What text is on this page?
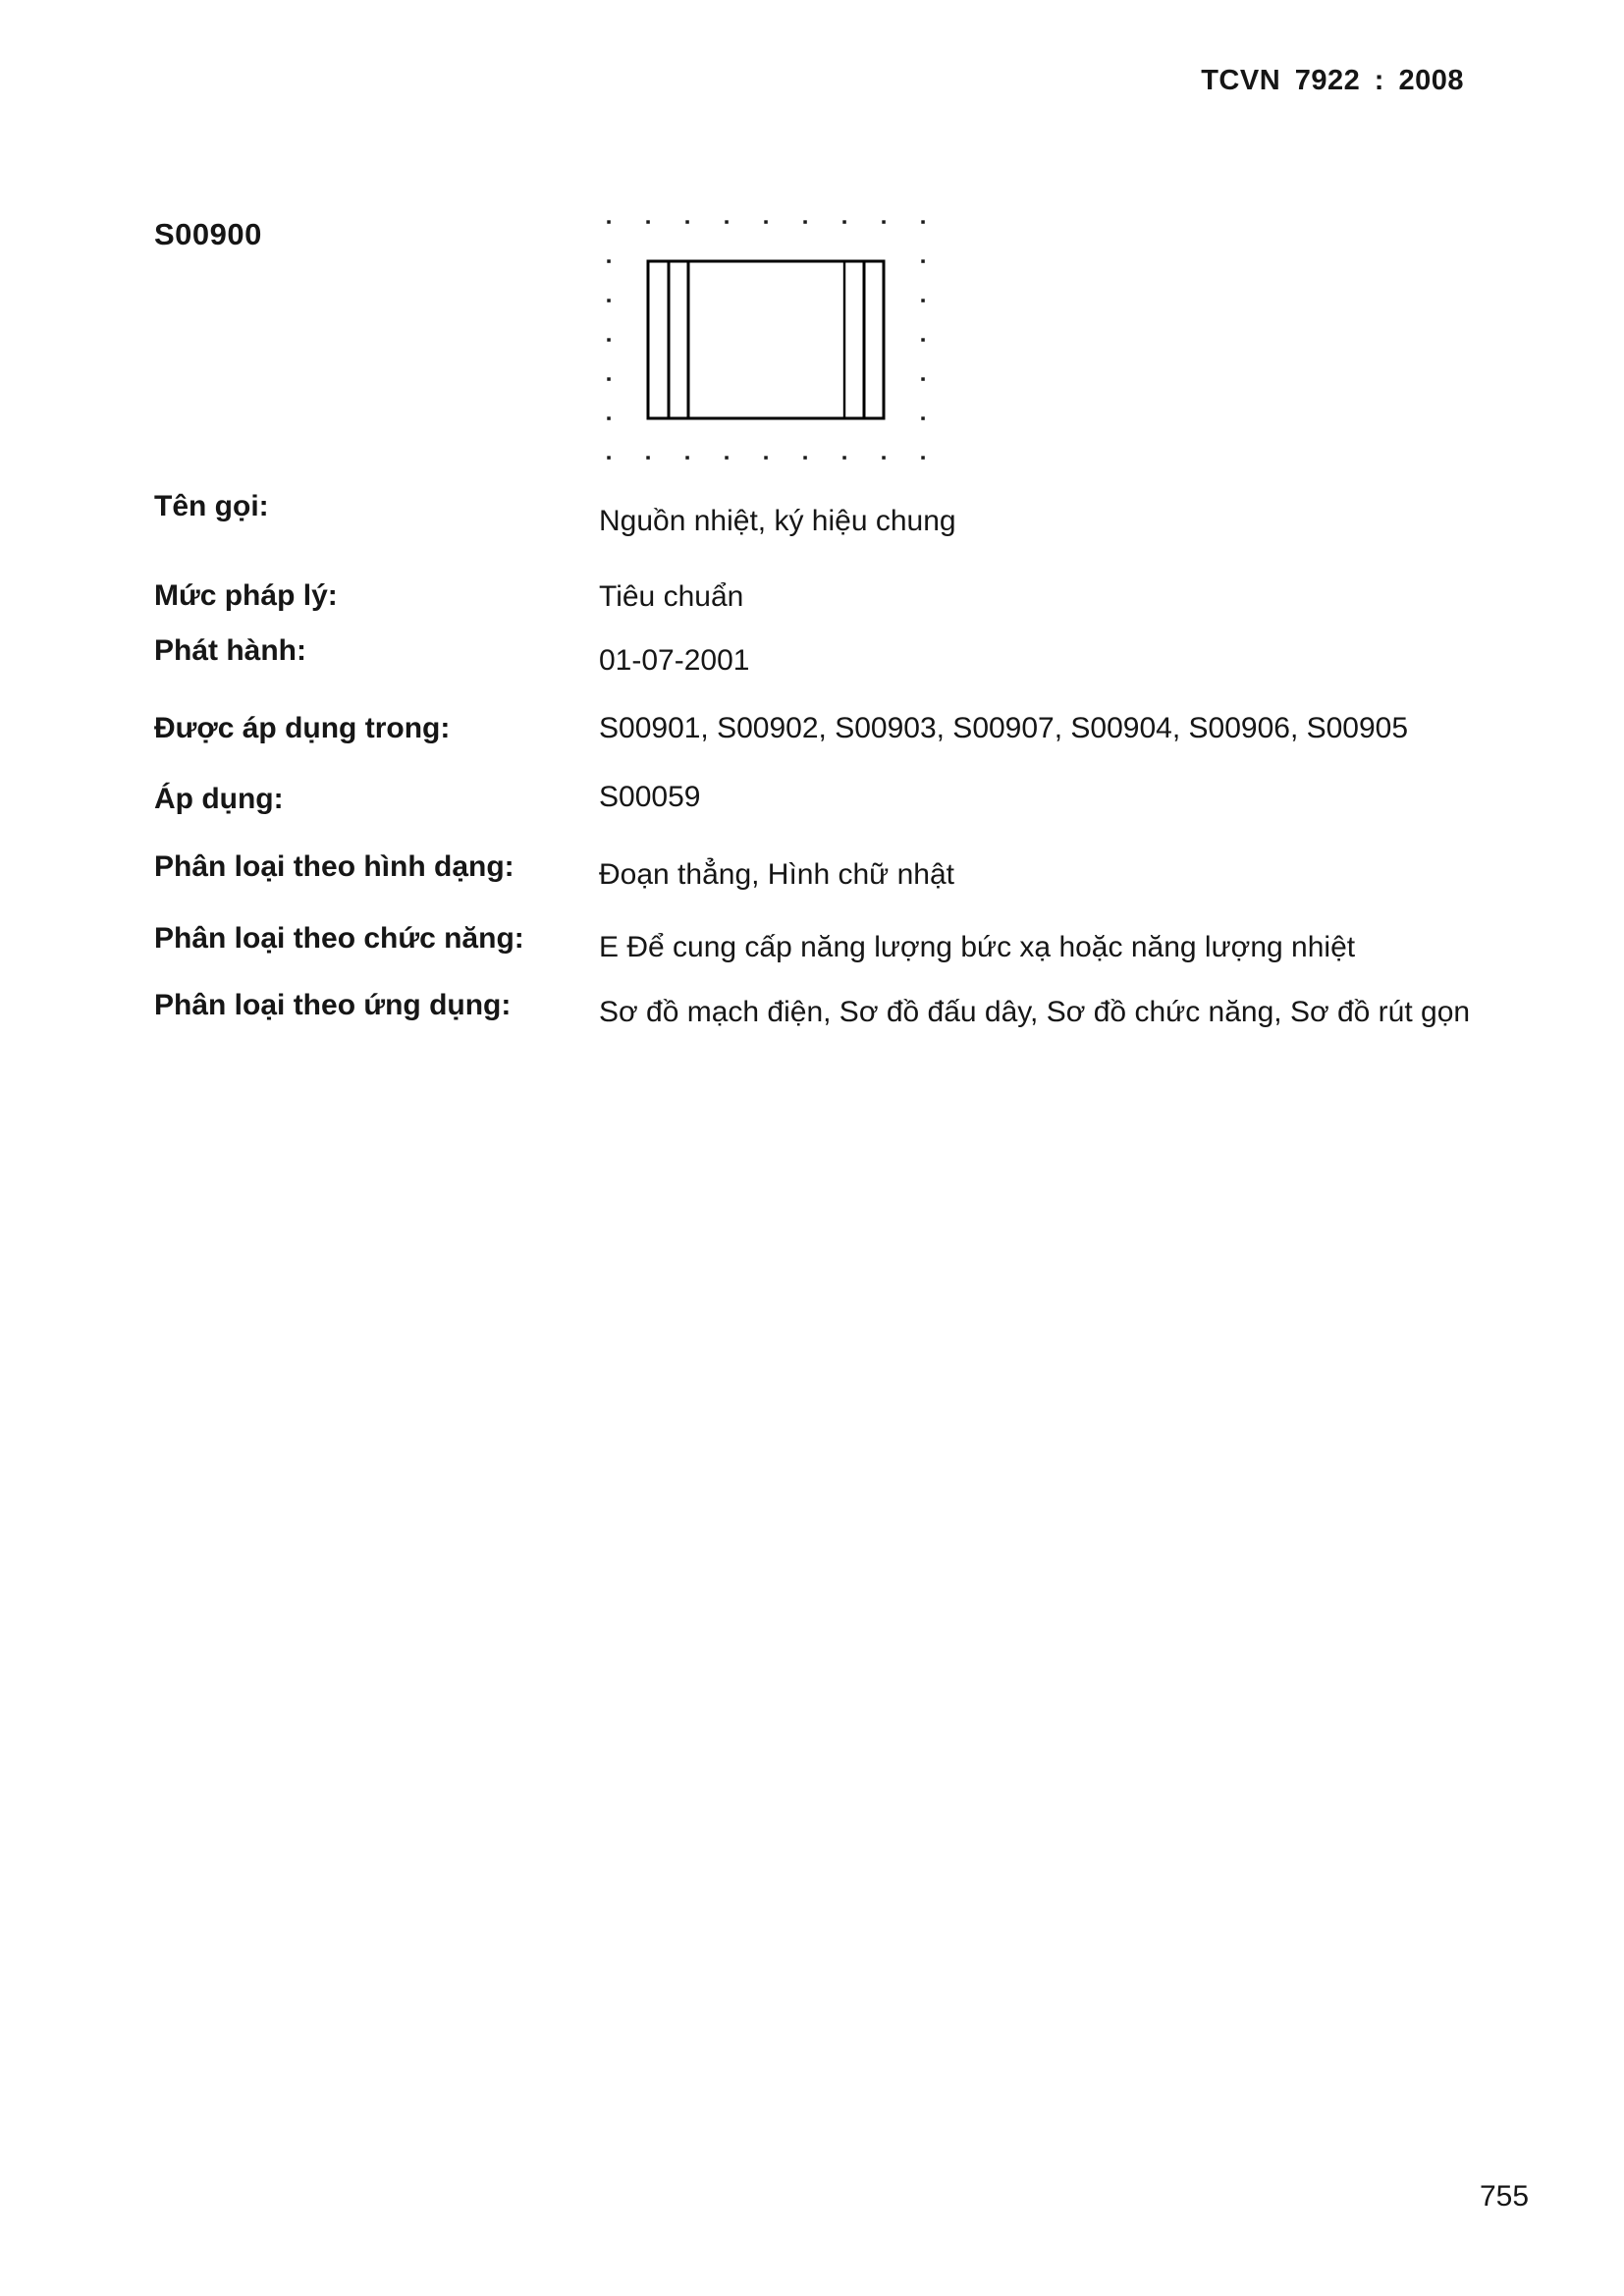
TCVN 7922 : 2008
S00900
Tên gọi:	Nguồn nhiệt, ký hiệu chung
Mức pháp lý:	Tiêu chuẩn
Phát hành:	01-07-2001
Được áp dụng trong:	S00901, S00902, S00903, S00907, S00904, S00906, S00905
Áp dụng:	S00059
Phân loại theo hình dạng:	Đoạn thẳng, Hình chữ nhật
Phân loại theo chức năng:	E Để cung cấp năng lượng bức xạ hoặc năng lượng nhiệt
Phân loại theo ứng dụng:	Sơ đồ mạch điện, Sơ đồ đấu dây, Sơ đồ chức năng, Sơ đồ rút gọn
755
